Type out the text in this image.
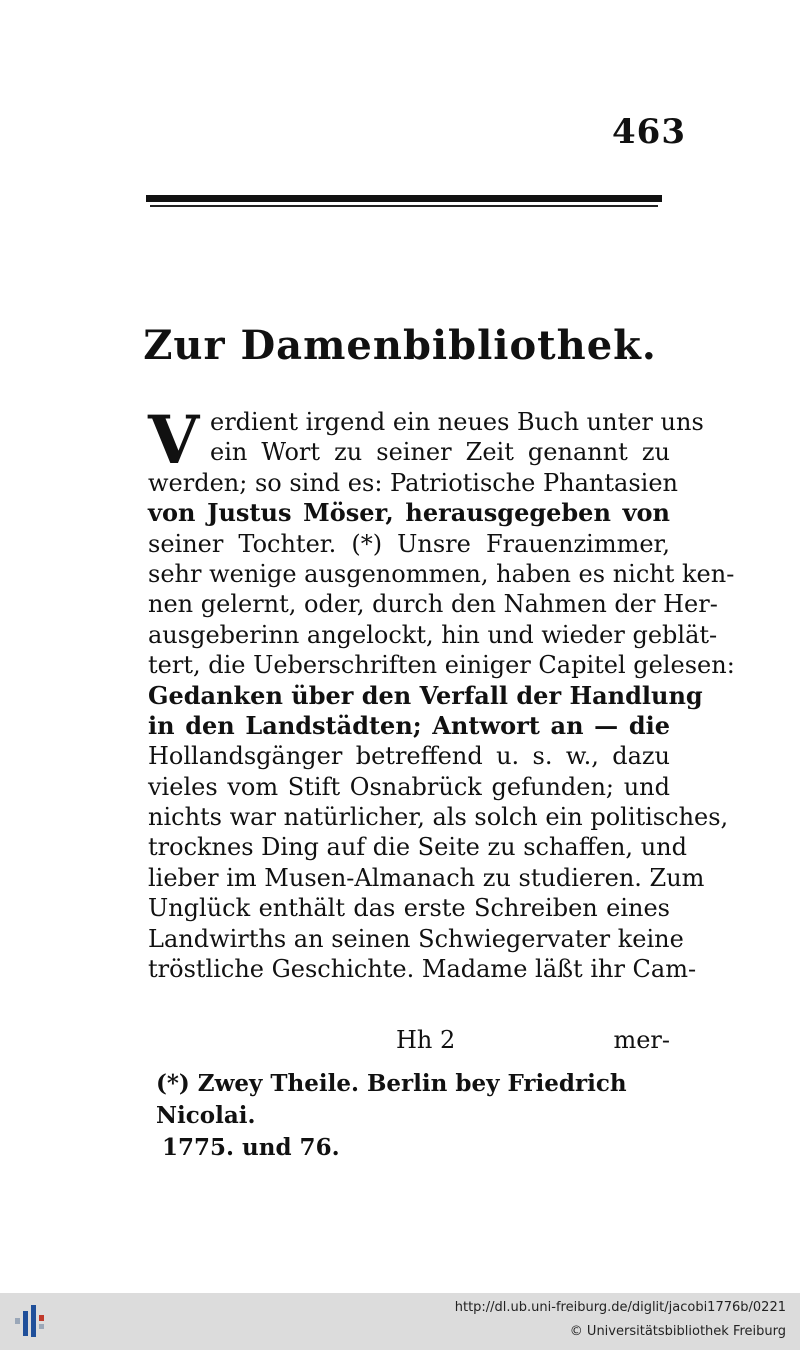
463
Zur Damenbibliothek.
V erdient irgend ein neues Buch unter uns
ein Wort zu seiner Zeit genannt zu
werden; so sind es: Patriotische Phantasien
von Justus Möser, herausgegeben von
seiner Tochter. (*) Unsre Frauenzimmer,
sehr wenige ausgenommen, haben es nicht ken-
nen gelernt, oder, durch den Nahmen der Her-
ausgeberinn angelockt, hin und wieder geblät-
tert, die Ueberschriften einiger Capitel gelesen:
Gedanken über den Verfall der Handlung
in den Landstädten; Antwort an — die
Hollandsgänger betreffend u. s. w., dazu
vieles vom Stift Osnabrück gefunden; und
nichts war natürlicher, als solch ein politisches,
trocknes Ding auf die Seite zu schaffen, und
lieber im Musen-Almanach zu studieren. Zum
Unglück enthält das erste Schreiben eines
Landwirths an seinen Schwiegervater keine
tröstliche Geschichte. Madame läßt ihr Cam-
Hh 2	mer-
(*) Zwey Theile. Berlin bey Friedrich Nicolai.
1775. und 76.
http://dl.ub.uni-freiburg.de/diglit/jacobi1776b/0221
© Universitätsbibliothek Freiburg
